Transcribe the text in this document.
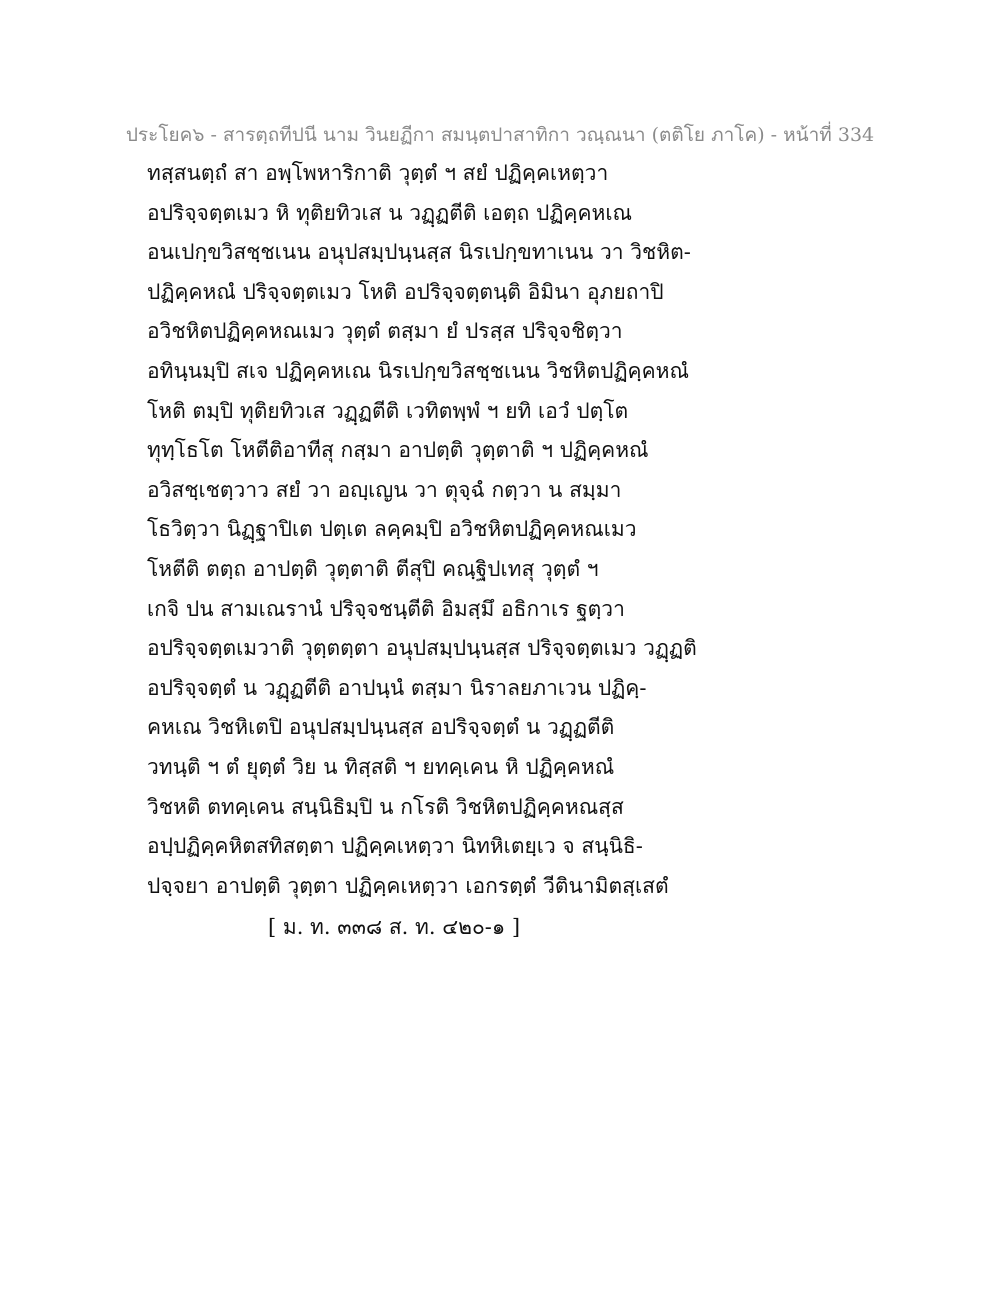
ประโยค๖ - สารตฺถทีปนี นาม วินยฏีกา สมนฺตปาสาทิกา วณฺณนา (ตติโย ภาโค) - หน้าที่ 334
ทสฺสนตฺถํ สา อพฺโพหาริกาติ วุตฺตํ ฯ สยํ ปฏิคฺคเหตฺวา
อปริจฺจตฺตเมว หิ ทุติยทิวเส น วฏฺฏตีติ เอตฺถ ปฏิคฺคหเณ
อนเปกฺขวิสชฺชเนน อนุปสมฺปนฺนสฺส นิรเปกฺขทาเนน วา วิชหิต-
ปฏิคฺคหณํ ปริจฺจตฺตเมว โหติ อปริจฺจตฺตนฺติ อิมินา อุภยถาปิ
อวิชหิตปฏิคฺคหณเมว วุตฺตํ ตสฺมา ยํ ปรสฺส ปริจฺจชิตฺวา
อทินฺนมฺปิ สเจ ปฏิคฺคหเณ นิรเปกฺขวิสชฺชเนน วิชหิตปฏิคฺคหณํ
โหติ ตมฺปิ ทุติยทิวเส วฏฺฏตีติ เวทิตพฺพํ ฯ ยทิ เอวํ ปตฺโต
ทุทฺโธโต โหตีติอาทีสุ กสฺมา อาปตฺติ วุตฺตาติ ฯ ปฏิคฺคหณํ
อวิสชฺเชตฺวาว สยํ วา อญฺเญน วา ตุจฺฉํ กตฺวา น สมฺมา
โธวิตฺวา นิฏฺฐาปิเต ปตฺเต ลคฺคมฺปิ อวิชหิตปฏิคฺคหณเมว
โหตีติ ตตฺถ อาปตฺติ วุตฺตาติ ตีสุปิ คณฺฐิปเทสุ วุตฺตํ ฯ
เกจิ ปน สามเณรานํ ปริจฺจชนฺตีติ อิมสฺมึ อธิกาเร ฐตฺวา
อปริจฺจตฺตเมวาติ วุตฺตตฺตา อนุปสมฺปนฺนสฺส ปริจฺจตฺตเมว วฏฺฏติ
อปริจฺจตฺตํ น วฏฺฏตีติ อาปนฺนํ ตสฺมา นิราลยภาเวน ปฏิคฺ-
คหเณ วิชหิเตปิ อนุปสมฺปนฺนสฺส อปริจฺจตฺตํ น วฏฺฏตีติ
วทนฺติ ฯ ตํ ยุตฺตํ วิย น ทิสฺสติ ฯ ยทคฺเคน หิ ปฏิคฺคหณํ
วิชหติ ตทคฺเคน สนฺนิธิมฺปิ น กโรติ วิชหิตปฏิคฺคหณสฺส
อปฺปฏิคฺคหิตสทิสตฺตา ปฏิคฺคเหตฺวา นิทหิเตยฺเว จ สนฺนิธิ-
ปจฺจยา อาปตฺติ วุตฺตา ปฏิคฺคเหตฺวา เอกรตฺตํ วีตินามิตสฺเสตํ
[ ม. ท. ๓๓๘ ส. ท. ๔๒๐-๑ ]
